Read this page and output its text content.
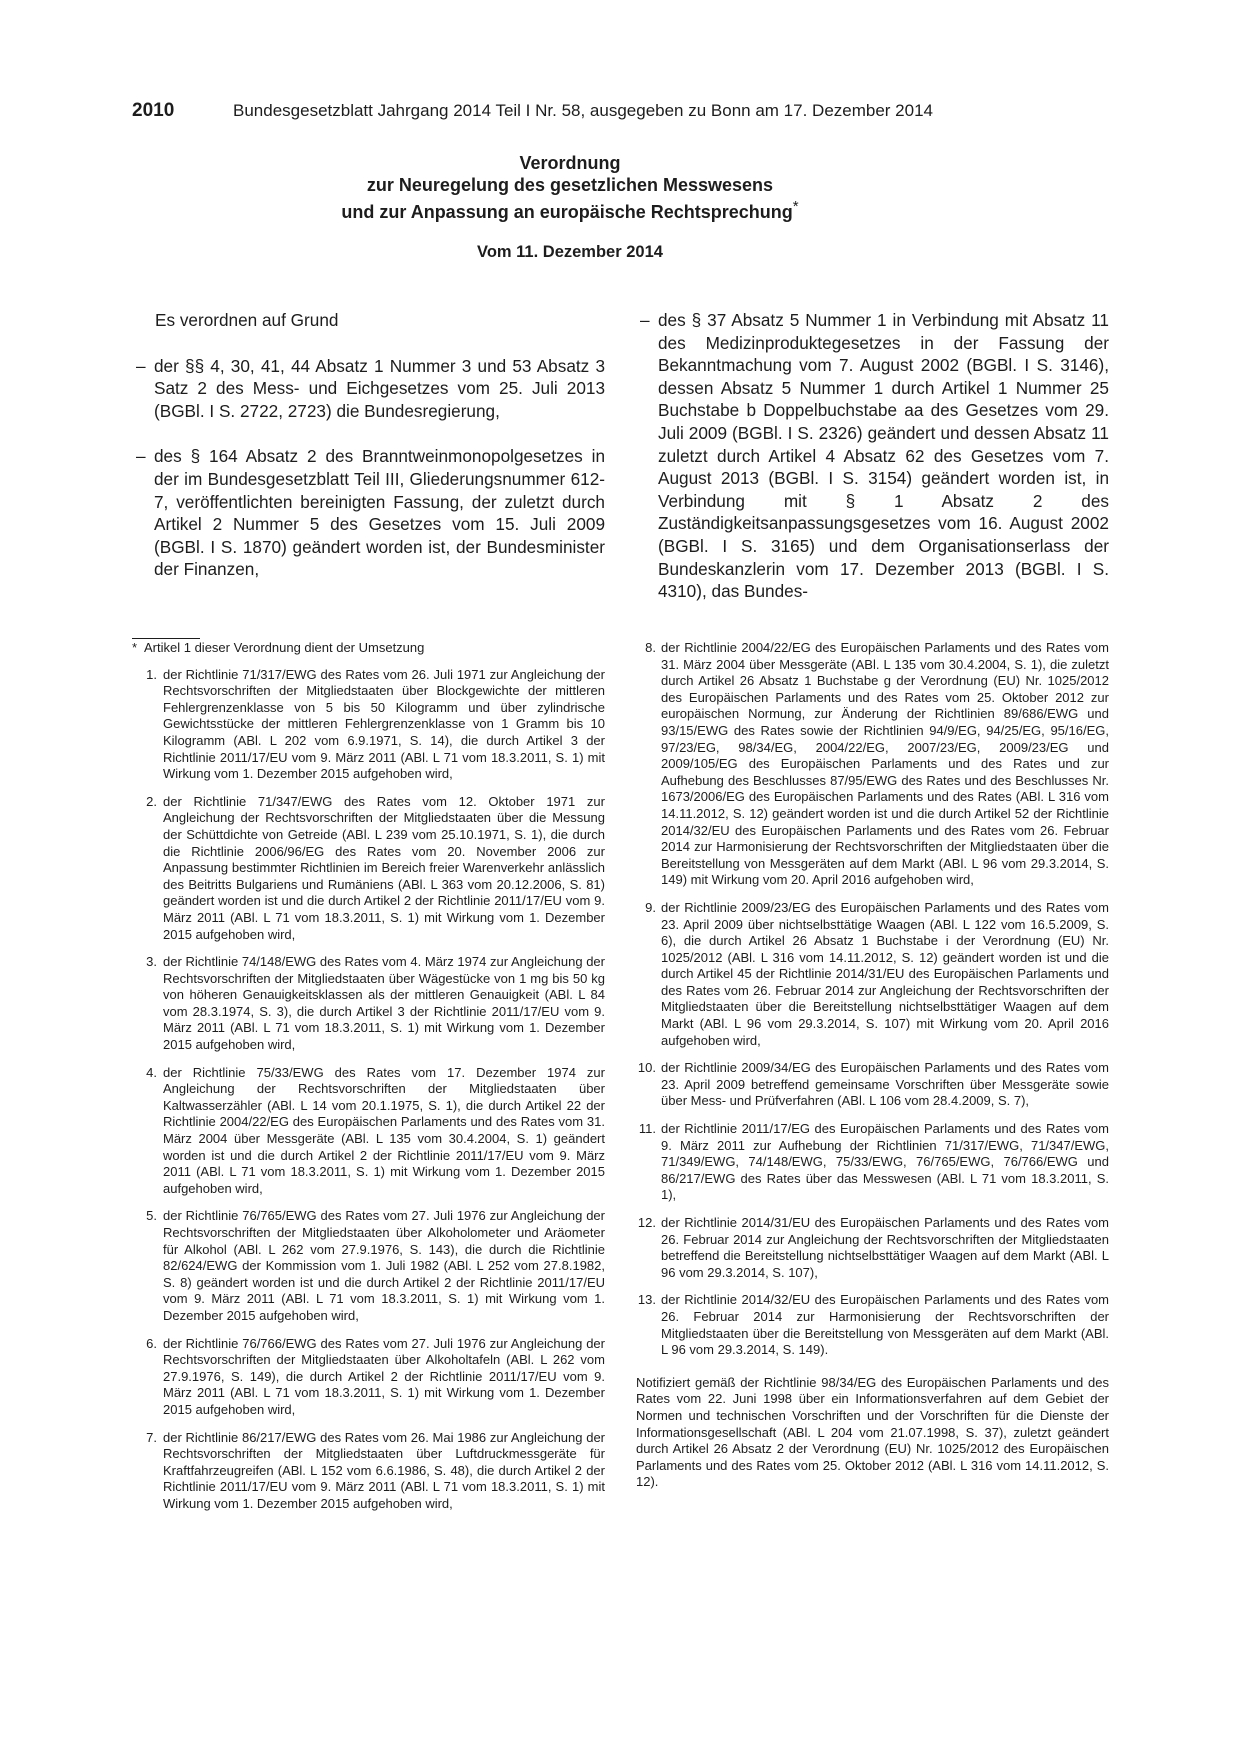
2010	Bundesgesetzblatt Jahrgang 2014 Teil I Nr. 58, ausgegeben zu Bonn am 17. Dezember 2014
Verordnung
zur Neuregelung des gesetzlichen Messwesens
und zur Anpassung an europäische Rechtsprechung*
Vom 11. Dezember 2014

Es verordnen auf Grund

– der §§ 4, 30, 41, 44 Absatz 1 Nummer 3 und 53 Absatz 3 Satz 2 des Mess- und Eichgesetzes vom 25. Juli 2013 (BGBl. I S. 2722, 2723) die Bundesregierung,
– des § 164 Absatz 2 des Branntweinmonopolgesetzes in der im Bundesgesetzblatt Teil III, Gliederungsnummer 612-7, veröffentlichten bereinigten Fassung, der zuletzt durch Artikel 2 Nummer 5 des Gesetzes vom 15. Juli 2009 (BGBl. I S. 1870) geändert worden ist, der Bundesminister der Finanzen,
– des § 37 Absatz 5 Nummer 1 in Verbindung mit Absatz 11 des Medizinproduktegesetzes in der Fassung der Bekanntmachung vom 7. August 2002 (BGBl. I S. 3146), dessen Absatz 5 Nummer 1 durch Artikel 1 Nummer 25 Buchstabe b Doppelbuchstabe aa des Gesetzes vom 29. Juli 2009 (BGBl. I S. 2326) geändert und dessen Absatz 11 zuletzt durch Artikel 4 Absatz 62 des Gesetzes vom 7. August 2013 (BGBl. I S. 3154) geändert worden ist, in Verbindung mit § 1 Absatz 2 des Zuständigkeitsanpassungsgesetzes vom 16. August 2002 (BGBl. I S. 3165) und dem Organisationserlass der Bundeskanzlerin vom 17. Dezember 2013 (BGBl. I S. 4310), das Bundes-
* Artikel 1 dieser Verordnung dient der Umsetzung
1. der Richtlinie 71/317/EWG des Rates vom 26. Juli 1971 zur Angleichung der Rechtsvorschriften der Mitgliedstaaten über Blockgewichte der mittleren Fehlergrenzenklasse von 5 bis 50 Kilogramm und über zylindrische Gewichtsstücke der mittleren Fehlergrenzenklasse von 1 Gramm bis 10 Kilogramm (ABl. L 202 vom 6.9.1971, S. 14), die durch Artikel 3 der Richtlinie 2011/17/EU vom 9. März 2011 (ABl. L 71 vom 18.3.2011, S. 1) mit Wirkung vom 1. Dezember 2015 aufgehoben wird,
2. der Richtlinie 71/347/EWG des Rates vom 12. Oktober 1971 zur Angleichung der Rechtsvorschriften der Mitgliedstaaten über die Messung der Schüttdichte von Getreide (ABl. L 239 vom 25.10.1971, S. 1), die durch die Richtlinie 2006/96/EG des Rates vom 20. November 2006 zur Anpassung bestimmter Richtlinien im Bereich freier Warenverkehr anlässlich des Beitritts Bulgariens und Rumäniens (ABl. L 363 vom 20.12.2006, S. 81) geändert worden ist und die durch Artikel 2 der Richtlinie 2011/17/EU vom 9. März 2011 (ABl. L 71 vom 18.3.2011, S. 1) mit Wirkung vom 1. Dezember 2015 aufgehoben wird,
3. der Richtlinie 74/148/EWG des Rates vom 4. März 1974 zur Angleichung der Rechtsvorschriften der Mitgliedstaaten über Wägestücke von 1 mg bis 50 kg von höheren Genauigkeitsklassen als der mittleren Genauigkeit (ABl. L 84 vom 28.3.1974, S. 3), die durch Artikel 3 der Richtlinie 2011/17/EU vom 9. März 2011 (ABl. L 71 vom 18.3.2011, S. 1) mit Wirkung vom 1. Dezember 2015 aufgehoben wird,
4. der Richtlinie 75/33/EWG des Rates vom 17. Dezember 1974 zur Angleichung der Rechtsvorschriften der Mitgliedstaaten über Kaltwasserzähler (ABl. L 14 vom 20.1.1975, S. 1), die durch Artikel 22 der Richtlinie 2004/22/EG des Europäischen Parlaments und des Rates vom 31. März 2004 über Messgeräte (ABl. L 135 vom 30.4.2004, S. 1) geändert worden ist und die durch Artikel 2 der Richtlinie 2011/17/EU vom 9. März 2011 (ABl. L 71 vom 18.3.2011, S. 1) mit Wirkung vom 1. Dezember 2015 aufgehoben wird,
5. der Richtlinie 76/765/EWG des Rates vom 27. Juli 1976 zur Angleichung der Rechtsvorschriften der Mitgliedstaaten über Alkoholometer und Aräometer für Alkohol (ABl. L 262 vom 27.9.1976, S. 143), die durch die Richtlinie 82/624/EWG der Kommission vom 1. Juli 1982 (ABl. L 252 vom 27.8.1982, S. 8) geändert worden ist und die durch Artikel 2 der Richtlinie 2011/17/EU vom 9. März 2011 (ABl. L 71 vom 18.3.2011, S. 1) mit Wirkung vom 1. Dezember 2015 aufgehoben wird,
6. der Richtlinie 76/766/EWG des Rates vom 27. Juli 1976 zur Angleichung der Rechtsvorschriften der Mitgliedstaaten über Alkoholtafeln (ABl. L 262 vom 27.9.1976, S. 149), die durch Artikel 2 der Richtlinie 2011/17/EU vom 9. März 2011 (ABl. L 71 vom 18.3.2011, S. 1) mit Wirkung vom 1. Dezember 2015 aufgehoben wird,
7. der Richtlinie 86/217/EWG des Rates vom 26. Mai 1986 zur Angleichung der Rechtsvorschriften der Mitgliedstaaten über Luftdruckmessgeräte für Kraftfahrzeugreifen (ABl. L 152 vom 6.6.1986, S. 48), die durch Artikel 2 der Richtlinie 2011/17/EU vom 9. März 2011 (ABl. L 71 vom 18.3.2011, S. 1) mit Wirkung vom 1. Dezember 2015 aufgehoben wird,
8. der Richtlinie 2004/22/EG des Europäischen Parlaments und des Rates vom 31. März 2004 über Messgeräte (ABl. L 135 vom 30.4.2004, S. 1), die zuletzt durch Artikel 26 Absatz 1 Buchstabe g der Verordnung (EU) Nr. 1025/2012 des Europäischen Parlaments und des Rates vom 25. Oktober 2012 zur europäischen Normung, zur Änderung der Richtlinien 89/686/EWG und 93/15/EWG des Rates sowie der Richtlinien 94/9/EG, 94/25/EG, 95/16/EG, 97/23/EG, 98/34/EG, 2004/22/EG, 2007/23/EG, 2009/23/EG und 2009/105/EG des Europäischen Parlaments und des Rates und zur Aufhebung des Beschlusses 87/95/EWG des Rates und des Beschlusses Nr. 1673/2006/EG des Europäischen Parlaments und des Rates (ABl. L 316 vom 14.11.2012, S. 12) geändert worden ist und die durch Artikel 52 der Richtlinie 2014/32/EU des Europäischen Parlaments und des Rates vom 26. Februar 2014 zur Harmonisierung der Rechtsvorschriften der Mitgliedstaaten über die Bereitstellung von Messgeräten auf dem Markt (ABl. L 96 vom 29.3.2014, S. 149) mit Wirkung vom 20. April 2016 aufgehoben wird,
9. der Richtlinie 2009/23/EG des Europäischen Parlaments und des Rates vom 23. April 2009 über nichtselbsttätige Waagen (ABl. L 122 vom 16.5.2009, S. 6), die durch Artikel 26 Absatz 1 Buchstabe i der Verordnung (EU) Nr. 1025/2012 (ABl. L 316 vom 14.11.2012, S. 12) geändert worden ist und die durch Artikel 45 der Richtlinie 2014/31/EU des Europäischen Parlaments und des Rates vom 26. Februar 2014 zur Angleichung der Rechtsvorschriften der Mitgliedstaaten über die Bereitstellung nichtselbsttätiger Waagen auf dem Markt (ABl. L 96 vom 29.3.2014, S. 107) mit Wirkung vom 20. April 2016 aufgehoben wird,
10. der Richtlinie 2009/34/EG des Europäischen Parlaments und des Rates vom 23. April 2009 betreffend gemeinsame Vorschriften über Messgeräte sowie über Mess- und Prüfverfahren (ABl. L 106 vom 28.4.2009, S. 7),
11. der Richtlinie 2011/17/EG des Europäischen Parlaments und des Rates vom 9. März 2011 zur Aufhebung der Richtlinien 71/317/EWG, 71/347/EWG, 71/349/EWG, 74/148/EWG, 75/33/EWG, 76/765/EWG, 76/766/EWG und 86/217/EWG des Rates über das Messwesen (ABl. L 71 vom 18.3.2011, S. 1),
12. der Richtlinie 2014/31/EU des Europäischen Parlaments und des Rates vom 26. Februar 2014 zur Angleichung der Rechtsvorschriften der Mitgliedstaaten betreffend die Bereitstellung nichtselbsttätiger Waagen auf dem Markt (ABl. L 96 vom 29.3.2014, S. 107),
13. der Richtlinie 2014/32/EU des Europäischen Parlaments und des Rates vom 26. Februar 2014 zur Harmonisierung der Rechtsvorschriften der Mitgliedstaaten über die Bereitstellung von Messgeräten auf dem Markt (ABl. L 96 vom 29.3.2014, S. 149).

Notifiziert gemäß der Richtlinie 98/34/EG des Europäischen Parlaments und des Rates vom 22. Juni 1998 über ein Informationsverfahren auf dem Gebiet der Normen und technischen Vorschriften und der Vorschriften für die Dienste der Informationsgesellschaft (ABl. L 204 vom 21.07.1998, S. 37), zuletzt geändert durch Artikel 26 Absatz 2 der Verordnung (EU) Nr. 1025/2012 des Europäischen Parlaments und des Rates vom 25. Oktober 2012 (ABl. L 316 vom 14.11.2012, S. 12).
